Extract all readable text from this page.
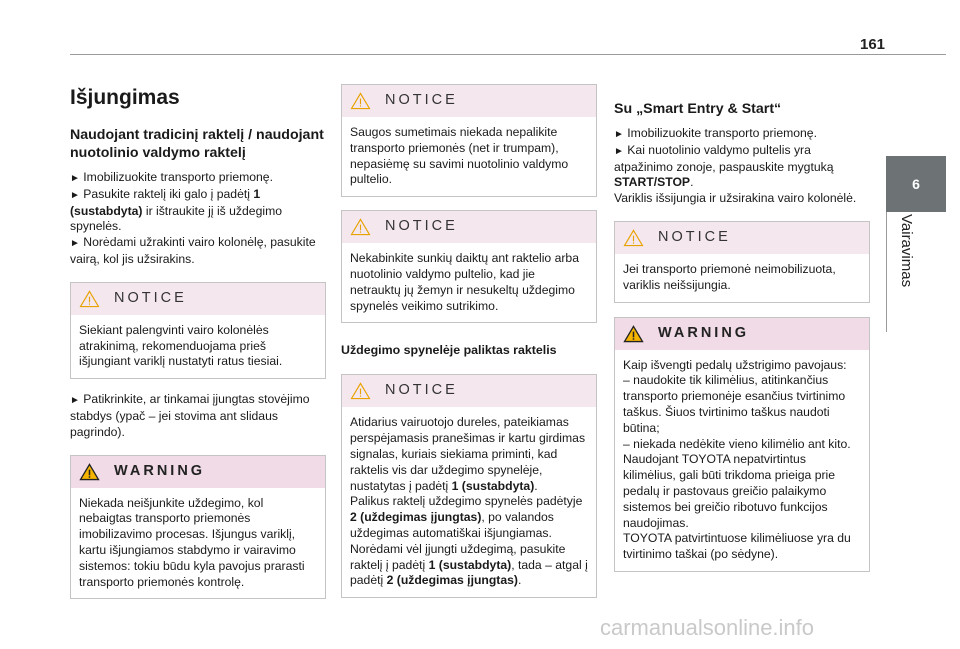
161
6
Vairavimas
Išjungimas
Naudojant tradicinį raktelį / naudojant nuotolinio valdymo raktelį

► Imobilizuokite transporto priemonę.

► Pasukite raktelį iki galo į padėtį 1 (sustabdyta) ir ištraukite jį iš uždegimo spynelės.

► Norėdami užrakinti vairo kolonėlę, pasukite vairą, kol jis užsirakins.

NOTICE
Siekiant palengvinti vairo kolonėlės atrakinimą, rekomenduojama prieš išjungiant variklį nustatyti ratus tiesiai.
► Patikrinkite, ar tinkamai įjungtas stovėjimo stabdys (ypač – jei stovima ant slidaus pagrindo).
WARNING
Niekada neišjunkite uždegimo, kol nebaigtas transporto priemonės imobilizavimo procesas. Išjungus variklį, kartu išjungiamos stabdymo ir vairavimo sistemos: tokiu būdu kyla pavojus prarasti transporto priemonės kontrolę.
NOTICE
Saugos sumetimais niekada nepalikite transporto priemonės (net ir trumpam), nepasiėmę su savimi nuotolinio valdymo pultelio.
NOTICE
Nekabinkite sunkių daiktų ant raktelio arba nuotolinio valdymo pultelio, kad jie netrauktų jų žemyn ir nesukeltų uždegimo spynelės veikimo sutrikimo.
Uždegimo spynelėje paliktas raktelis
NOTICE

Atidarius vairuotojo dureles, pateikiamas perspėjamasis pranešimas ir kartu girdimas signalas, kuriais siekiama priminti, kad raktelis vis dar uždegimo spynelėje, nustatytas į padėtį 1 (sustabdyta).

Palikus raktelį uždegimo spynelės padėtyje 2 (uždegimas įjungtas), po valandos uždegimas automatiškai išjungiamas.

Norėdami vėl įjungti uždegimą, pasukite raktelį į padėtį 1 (sustabdyta), tada – atgal į padėtį 2 (uždegimas įjungtas).

Su „Smart Entry & Start“

► Imobilizuokite transporto priemonę.

► Kai nuotolinio valdymo pultelis yra atpažinimo zonoje, paspauskite mygtuką START/STOP.

Variklis išsijungia ir užsirakina vairo kolonėlė.

NOTICE
Jei transporto priemonė neimobilizuota, variklis neišsijungia.
WARNING

Kaip išvengti pedalų užstrigimo pavojaus:

– naudokite tik kilimėlius, atitinkančius transporto priemonėje esančius tvirtinimo taškus. Šiuos tvirtinimo taškus naudoti būtina;

– niekada nedėkite vieno kilimėlio ant kito.

Naudojant TOYOTA nepatvirtintus kilimėlius, gali būti trikdoma prieiga prie pedalų ir pastovaus greičio palaikymo sistemos bei greičio ribotuvo funkcijos naudojimas.

TOYOTA patvirtintuose kilimėliuose yra du tvirtinimo taškai (po sėdyne).

carmanualsonline.info
